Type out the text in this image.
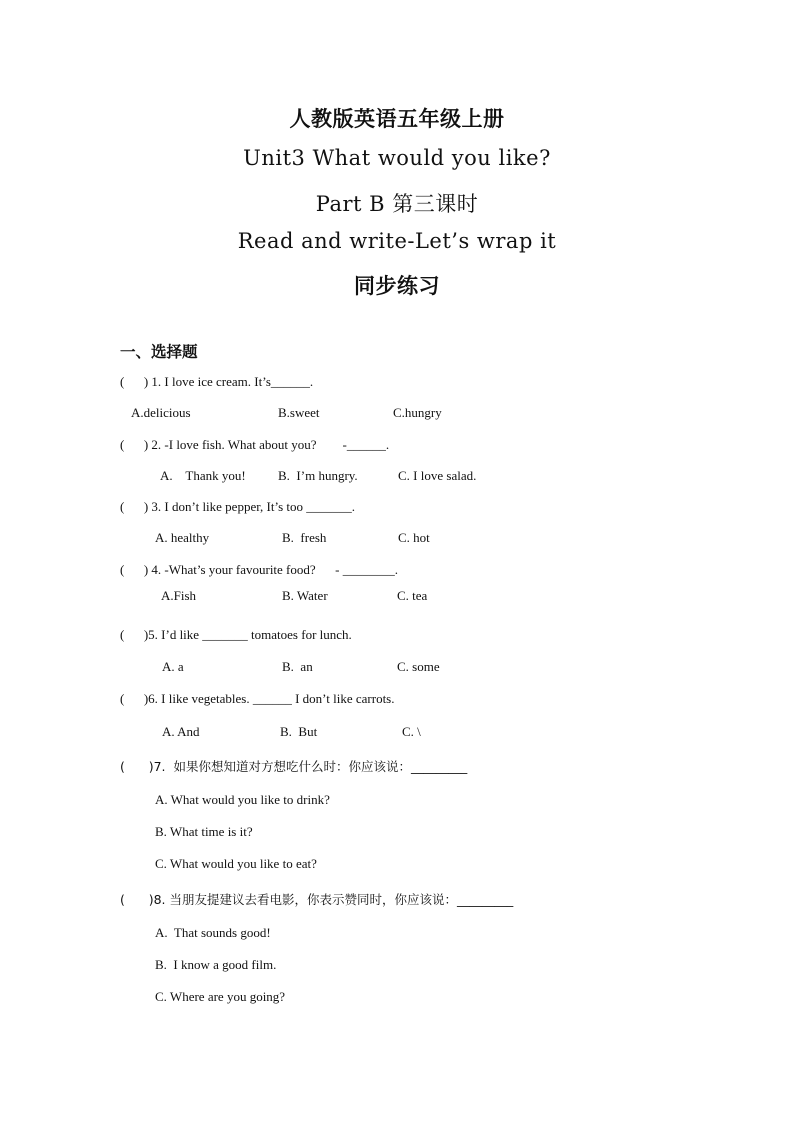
人教版英语五年级上册
Unit3 What would you like?
Part B 第三课时
Read and write-Let’s wrap it
同步练习
一、选择题
(      ) 1. I love ice cream. It’s______.
A.delicious	B.sweet	C.hungry
(      ) 2. -I love fish. What about you?        -______.
A.    Thank you! B.  I’m hungry.	C. I love salad.
(      ) 3. I don’t like pepper, It’s too _______.
A. healthy	B.  fresh	C. hot
(      ) 4. -What’s your favourite food?      - ________.
A.Fish	B. Water	C. tea
(      )5. I’d like _______ tomatoes for lunch.
A. a	B.  an	C. some
(      )6. I like vegetables. ______ I don’t like carrots.
A. And	B.  But	C. \
(      )7.  如果你想知道对方想吃什么时：你应该说：_________
A. What would you like to drink?
B. What time is it?
C. What would you like to eat?
(      )8. 当朋友提建议去看电影，你表示赞同时，你应该说：_________
A.  That sounds good!
B.  I know a good film.
C. Where are you going?
